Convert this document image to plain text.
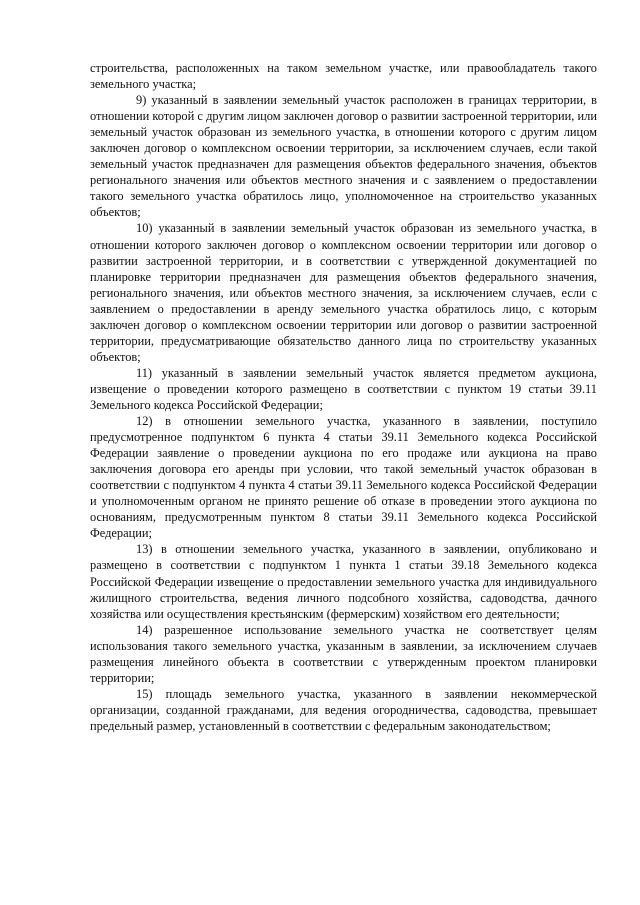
строительства, расположенных на таком земельном участке, или правообладатель такого земельного участка;

9) указанный в заявлении земельный участок расположен в границах территории, в отношении которой с другим лицом заключен договор о развитии застроенной территории, или земельный участок образован из земельного участка, в отношении которого с другим лицом заключен договор о комплексном освоении территории, за исключением случаев, если такой земельный участок предназначен для размещения объектов федерального значения, объектов регионального значения или объектов местного значения и с заявлением о предоставлении такого земельного участка обратилось лицо, уполномоченное на строительство указанных объектов;

10) указанный в заявлении земельный участок образован из земельного участка, в отношении которого заключен договор о комплексном освоении территории или договор о развитии застроенной территории, и в соответствии с утвержденной документацией по планировке территории предназначен для размещения объектов федерального значения, регионального значения, или объектов местного значения, за исключением случаев, если с заявлением о предоставлении в аренду земельного участка обратилось лицо, с которым заключен договор о комплексном освоении территории или договор о развитии застроенной территории, предусматривающие обязательство данного лица по строительству указанных объектов;

11) указанный в заявлении земельный участок является предметом аукциона, извещение о проведении которого размещено в соответствии с пунктом 19 статьи 39.11 Земельного кодекса Российской Федерации;

12) в отношении земельного участка, указанного в заявлении, поступило предусмотренное подпунктом 6 пункта 4 статьи 39.11 Земельного кодекса Российской Федерации заявление о проведении аукциона по его продаже или аукциона на право заключения договора его аренды при условии, что такой земельный участок образован в соответствии с подпунктом 4 пункта 4 статьи 39.11 Земельного кодекса Российской Федерации и уполномоченным органом не принято решение об отказе в проведении этого аукциона по основаниям, предусмотренным пунктом 8 статьи 39.11 Земельного кодекса Российской Федерации;

13) в отношении земельного участка, указанного в заявлении, опубликовано и размещено в соответствии с подпунктом 1 пункта 1 статьи 39.18 Земельного кодекса Российской Федерации извещение о предоставлении земельного участка для индивидуального жилищного строительства, ведения личного подсобного хозяйства, садоводства, дачного хозяйства или осуществления крестьянским (фермерским) хозяйством его деятельности;

14) разрешенное использование земельного участка не соответствует целям использования такого земельного участка, указанным в заявлении, за исключением случаев размещения линейного объекта в соответствии с утвержденным проектом планировки территории;

15) площадь земельного участка, указанного в заявлении некоммерческой организации, созданной гражданами, для ведения огородничества, садоводства, превышает предельный размер, установленный в соответствии с федеральным законодательством;
